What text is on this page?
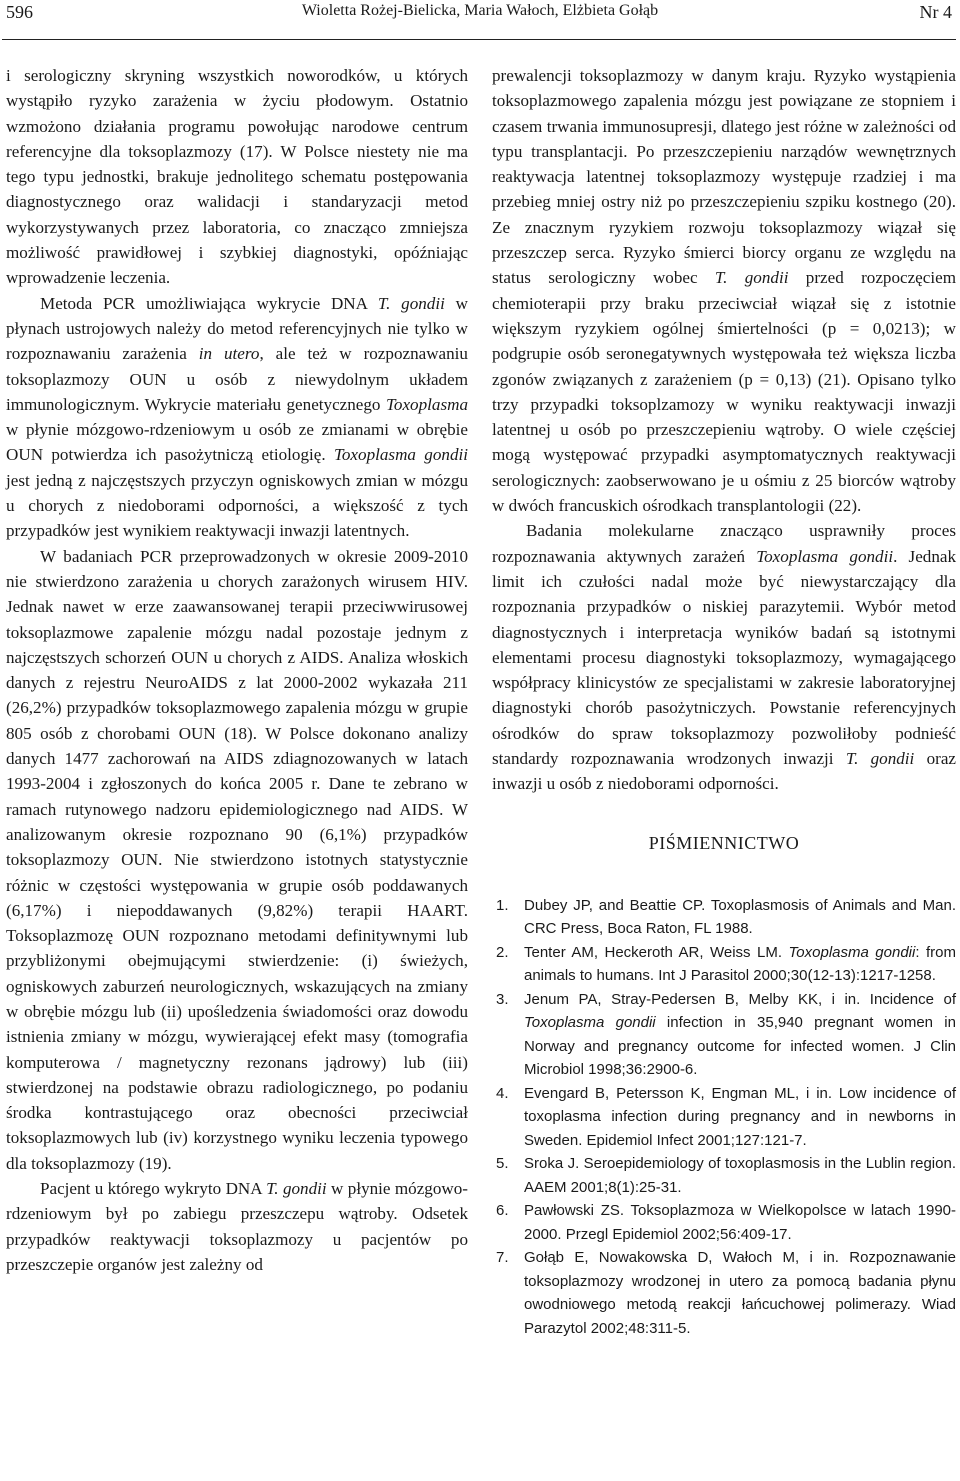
596	Wioletta Rożej-Bielicka, Maria Wałoch, Elżbieta Gołąb	Nr 4

i serologiczny skryning wszystkich noworodków, u których wystąpiło ryzyko zarażenia w życiu płodowym. Ostatnio wzmożono działania programu powołując narodowe centrum referencyjne dla toksoplazmozy (17). W Polsce niestety nie ma tego typu jednostki, brakuje jednolitego schematu postępowania diagnostycznego oraz walidacji i standaryzacji metod wykorzystywanych przez laboratoria, co znacząco zmniejsza możliwość prawidłowej i szybkiej diagnostyki, opóźniając wprowadzenie leczenia.

Metoda PCR umożliwiająca wykrycie DNA T. gondii w płynach ustrojowych należy do metod referencyjnych nie tylko w rozpoznawaniu zarażenia in utero, ale też w rozpoznawaniu toksoplazmozy OUN u osób z niewydolnym układem immunologicznym. Wykrycie materiału genetycznego Toxoplasma w płynie mózgowo-rdzeniowym u osób ze zmianami w obrębie OUN potwierdza ich pasożytniczą etiologię. Toxoplasma gondii jest jedną z najczęstszych przyczyn ogniskowych zmian w mózgu u chorych z niedoborami odporności, a większość z tych przypadków jest wynikiem reaktywacji inwazji latentnych.

W badaniach PCR przeprowadzonych w okresie 2009-2010 nie stwierdzono zarażenia u chorych zarażonych wirusem HIV. Jednak nawet w erze zaawansowanej terapii przeciwwirusowej toksoplazmowe zapalenie mózgu nadal pozostaje jednym z najczęstszych schorzeń OUN u chorych z AIDS. Analiza włoskich danych z rejestru NeuroAIDS z lat 2000-2002 wykazała 211 (26,2%) przypadków toksoplazmowego zapalenia mózgu w grupie 805 osób z chorobami OUN (18). W Polsce dokonano analizy danych 1477 zachorowań na AIDS zdiagnozowanych w latach 1993-2004 i zgłoszonych do końca 2005 r. Dane te zebrano w ramach rutynowego nadzoru epidemiologicznego nad AIDS. W analizowanym okresie rozpoznano 90 (6,1%) przypadków toksoplazmozy OUN. Nie stwierdzono istotnych statystycznie różnic w częstości występowania w grupie osób poddawanych (6,17%) i niepoddawanych (9,82%) terapii HAART. Toksoplazmozę OUN rozpoznano metodami definitywnymi lub przybliżonymi obejmującymi stwierdzenie: (i) świeżych, ogniskowych zaburzeń neurologicznych, wskazujących na zmiany w obrębie mózgu lub (ii) upośledzenia świadomości oraz dowodu istnienia zmiany w mózgu, wywierającej efekt masy (tomografia komputerowa / magnetyczny rezonans jądrowy) lub (iii) stwierdzonej na podstawie obrazu radiologicznego, po podaniu środka kontrastującego oraz obecności przeciwciał toksoplazmowych lub (iv) korzystnego wyniku leczenia typowego dla toksoplazmozy (19).

Pacjent u którego wykryto DNA T. gondii w płynie mózgowo-rdzeniowym był po zabiegu przeszczepu wątroby. Odsetek przypadków reaktywacji toksoplazmozy u pacjentów po przeszczepie organów jest zależny od

prewalencji toksoplazmozy w danym kraju. Ryzyko wystąpienia toksoplazmowego zapalenia mózgu jest powiązane ze stopniem i czasem trwania immunosupresji, dlatego jest różne w zależności od typu transplantacji. Po przeszczepieniu narządów wewnętrznych reaktywacja latentnej toksoplazmozy występuje rzadziej i ma przebieg mniej ostry niż po przeszczepieniu szpiku kostnego (20). Ze znacznym ryzykiem rozwoju toksoplazmozy wiązał się przeszczep serca. Ryzyko śmierci biorcy organu ze względu na status serologiczny wobec T. gondii przed rozpoczęciem chemioterapii przy braku przeciwciał wiązał się z istotnie większym ryzykiem ogólnej śmiertelności (p = 0,0213); w podgrupie osób seronegatywnych występowała też większa liczba zgonów związanych z zarażeniem (p = 0,13) (21). Opisano tylko trzy przypadki toksoplzamozy w wyniku reaktywacji inwazji latentnej u osób po przeszczepieniu wątroby. O wiele częściej mogą występować przypadki asymptomatycznych reaktywacji serologicznych: zaobserwowano je u ośmiu z 25 biorców wątroby w dwóch francuskich ośrodkach transplantologii (22).

Badania molekularne znacząco usprawniły proces rozpoznawania aktywnych zarażeń Toxoplasma gondii. Jednak limit ich czułości nadal może być niewystarczający dla rozpoznania przypadków o niskiej parazytemii. Wybór metod diagnostycznych i interpretacja wyników badań są istotnymi elementami procesu diagnostyki toksoplazmozy, wymagającego współpracy klinicystów ze specjalistami w zakresie laboratoryjnej diagnostyki chorób pasożytniczych. Powstanie referencyjnych ośrodków do spraw toksoplazmozy pozwoliłoby podnieść standardy rozpoznawania wrodzonych inwazji T. gondii oraz inwazji u osób z niedoborami odporności.

PIŚMIENNICTWO
1. Dubey JP, and Beattie CP. Toxoplasmosis of Animals and Man. CRC Press, Boca Raton, FL 1988.
2. Tenter AM, Heckeroth AR, Weiss LM. Toxoplasma gondii: from animals to humans. Int J Parasitol 2000;30(12-13):1217-1258.
3. Jenum PA, Stray-Pedersen B, Melby KK, i in. Incidence of Toxoplasma gondii infection in 35,940 pregnant women in Norway and pregnancy outcome for infected women. J Clin Microbiol 1998;36:2900-6.
4. Evengard B, Petersson K, Engman ML, i in. Low incidence of toxoplasma infection during pregnancy and in newborns in Sweden. Epidemiol Infect 2001;127:121-7.
5. Sroka J. Seroepidemiology of toxoplasmosis in the Lublin region. AAEM 2001;8(1):25-31.
6. Pawłowski ZS. Toksoplazmoza w Wielkopolsce w latach 1990-2000. Przegl Epidemiol 2002;56:409-17.
7. Gołąb E, Nowakowska D, Wałoch M, i in. Rozpoznawanie toksoplazmozy wrodzonej in utero za pomocą badania płynu owodniowego metodą reakcji łańcuchowej polimerazy. Wiad Parazytol 2002;48:311-5.
